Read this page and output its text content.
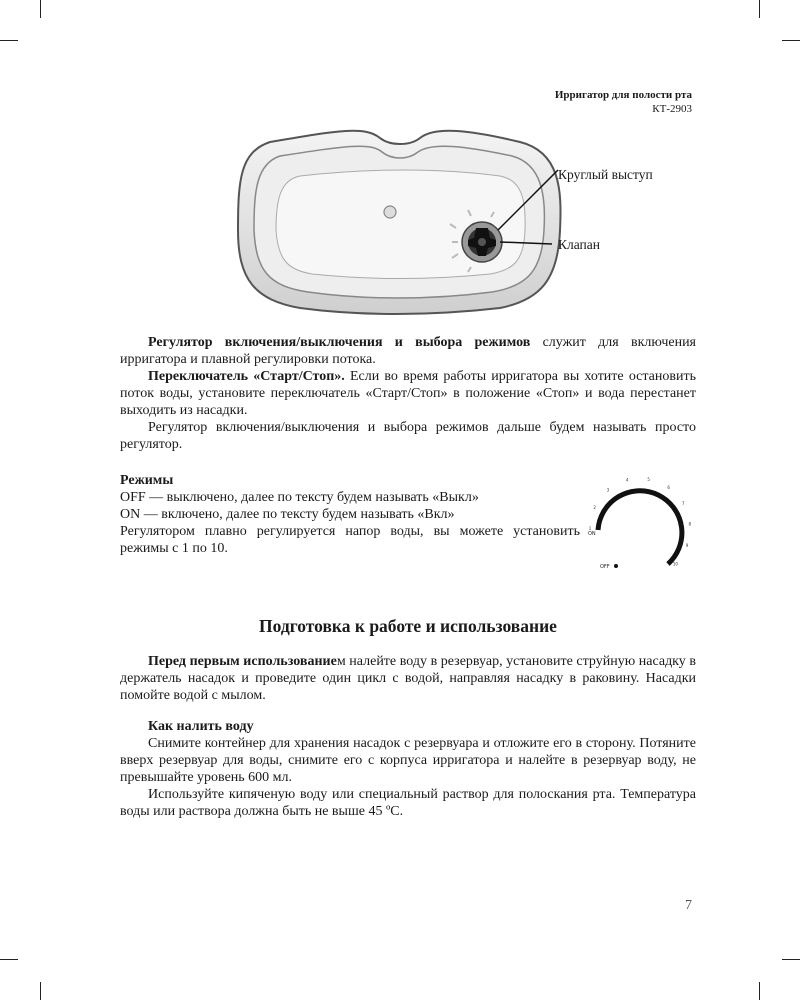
Ирригатор для полости рта
КТ-2903
Круглый выступ
Клапан

Регулятор включения/выключения и выбора режимов служит для включения ирригатора и плавной регулировки потока.

Переключатель «Старт/Стоп». Если во время работы ирригатора вы хотите остановить поток воды, установите переключатель «Старт/Стоп» в положение «Стоп» и вода перестанет выходить из насадки.

Регулятор включения/выключения и выбора режимов дальше будем называть просто регулятор.

Режимы

OFF — выключено, далее по тексту будем называть «Выкл»

ON — включено, далее по тексту будем называть «Вкл»

Регулятором плавно регулируется напор воды, вы можете установить режимы с 1 по 10.

1
2
3
4	5
6
7
8
9
10
ON
OFF
Подготовка к работе и использование

Перед первым использованием налейте воду в резервуар, установите струйную насадку в держатель насадок и проведите один цикл с водой, направляя насадку в раковину. Насадки помойте водой с мылом.

Как налить воду

Снимите контейнер для хранения насадок с резервуара и отложите его в сторону. Потяните вверх резервуар для воды, снимите его с корпуса ирригатора и налейте в резервуар воду, не превышайте уровень 600 мл.

Используйте кипяченую воду или специальный раствор для полоскания рта. Температура воды или раствора должна быть не выше 45 ºС.

7
